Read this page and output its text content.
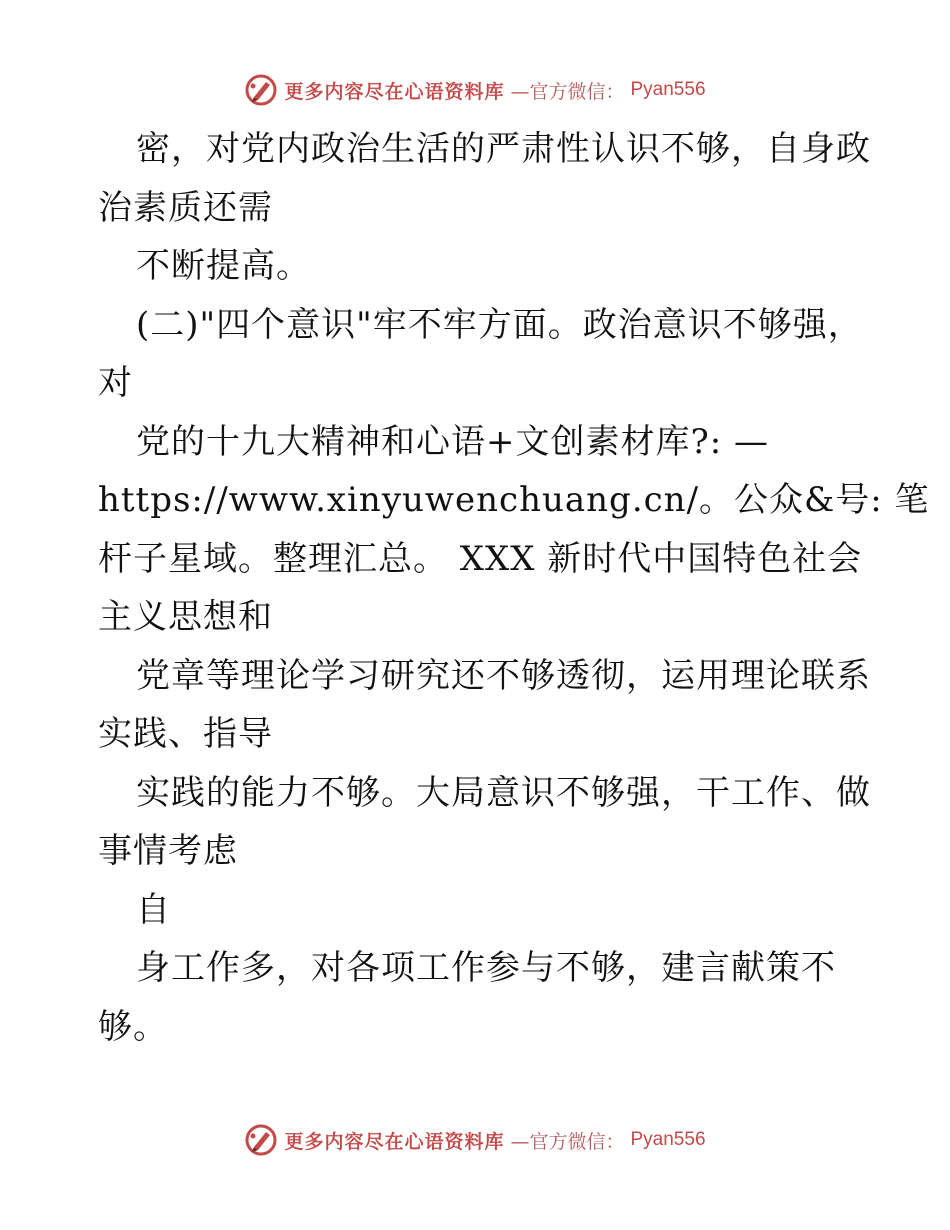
更多内容尽在心语资料库 —官方微信： Pyan556
密，对党内政治生活的严肃性认识不够，自身政
治素质还需
不断提高。
(二)"四个意识"牢不牢方面。政治意识不够强，
对
党的十九大精神和心语+文创素材库?: —
https://www.xinyuwenchuang.cn/。公众&号: 笔
杆子星域。整理汇总。 XXX 新时代中国特色社会
主义思想和
党章等理论学习研究还不够透彻，运用理论联系
实践、指导
实践的能力不够。大局意识不够强，干工作、做
事情考虑
自
身工作多，对各项工作参与不够，建言献策不
够。
更多内容尽在心语资料库 —官方微信： Pyan556
